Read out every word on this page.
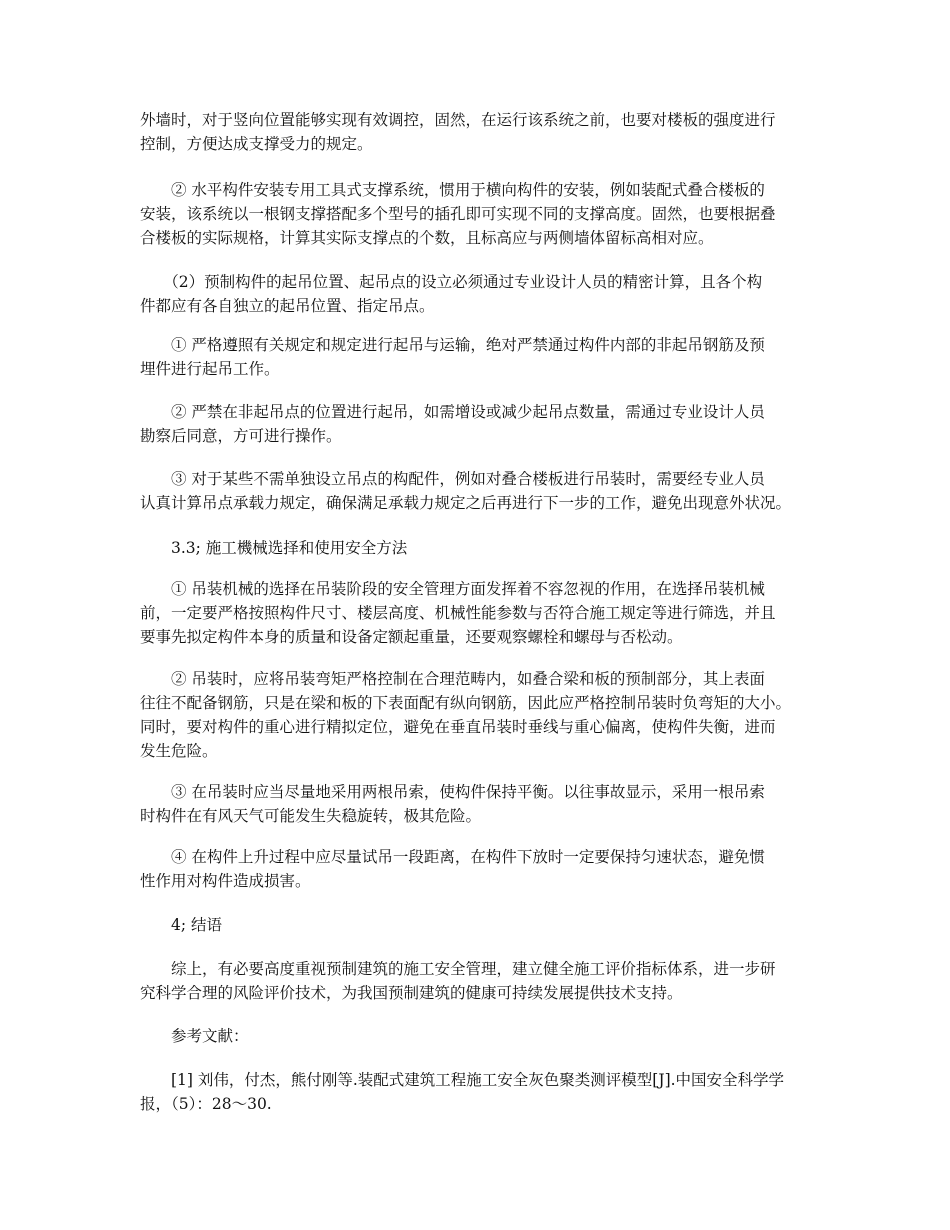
外墙时，对于竖向位置能够实现有效调控，固然，在运行该系统之前，也要对楼板的强度进行
控制，方便达成支撑受力的规定。
　　② 水平构件安装专用工具式支撑系统，惯用于横向构件的安装，例如装配式叠合楼板的
安装，该系统以一根钢支撑搭配多个型号的插孔即可实现不同的支撑高度。固然，也要根据叠
合楼板的实际规格，计算其实际支撑点的个数，且标高应与两侧墙体留标高相对应。
　　（2）预制构件的起吊位置、起吊点的设立必须通过专业设计人员的精密计算，且各个构
件都应有各自独立的起吊位置、指定吊点。
　　① 严格遵照有关规定和规定进行起吊与运输，绝对严禁通过构件内部的非起吊钢筋及预
埋件进行起吊工作。
　　② 严禁在非起吊点的位置进行起吊，如需增设或减少起吊点数量，需通过专业设计人员
勘察后同意，方可进行操作。
　　③ 对于某些不需单独设立吊点的构配件，例如对叠合楼板进行吊装时，需要经专业人员
认真计算吊点承载力规定，确保满足承载力规定之后再进行下一步的工作，避免出现意外状况。
　　3.3; 施工機械选择和使用安全方法
　　① 吊装机械的选择在吊装阶段的安全管理方面发挥着不容忽视的作用，在选择吊装机械
前，一定要严格按照构件尺寸、楼层高度、机械性能参数与否符合施工规定等进行筛选，并且
要事先拟定构件本身的质量和设备定额起重量，还要观察螺栓和螺母与否松动。
　　② 吊装时，应将吊装弯矩严格控制在合理范畴内，如叠合梁和板的预制部分，其上表面
往往不配备钢筋，只是在梁和板的下表面配有纵向钢筋，因此应严格控制吊装时负弯矩的大小。
同时，要对构件的重心进行精拟定位，避免在垂直吊装时垂线与重心偏离，使构件失衡，进而
发生危险。
　　③ 在吊装时应当尽量地采用两根吊索，使构件保持平衡。以往事故显示，采用一根吊索
时构件在有风天气可能发生失稳旋转，极其危险。
　　④ 在构件上升过程中应尽量试吊一段距离，在构件下放时一定要保持匀速状态，避免惯
性作用对构件造成损害。
　　4; 结语
　　综上，有必要高度重视预制建筑的施工安全管理，建立健全施工评价指标体系，进一步研
究科学合理的风险评价技术，为我国预制建筑的健康可持续发展提供技术支持。
　　参考文献：
　　[1] 刘伟，付杰，熊付刚等.装配式建筑工程施工安全灰色聚类测评模型[J].中国安全科学学
报，（5）：28～30.
